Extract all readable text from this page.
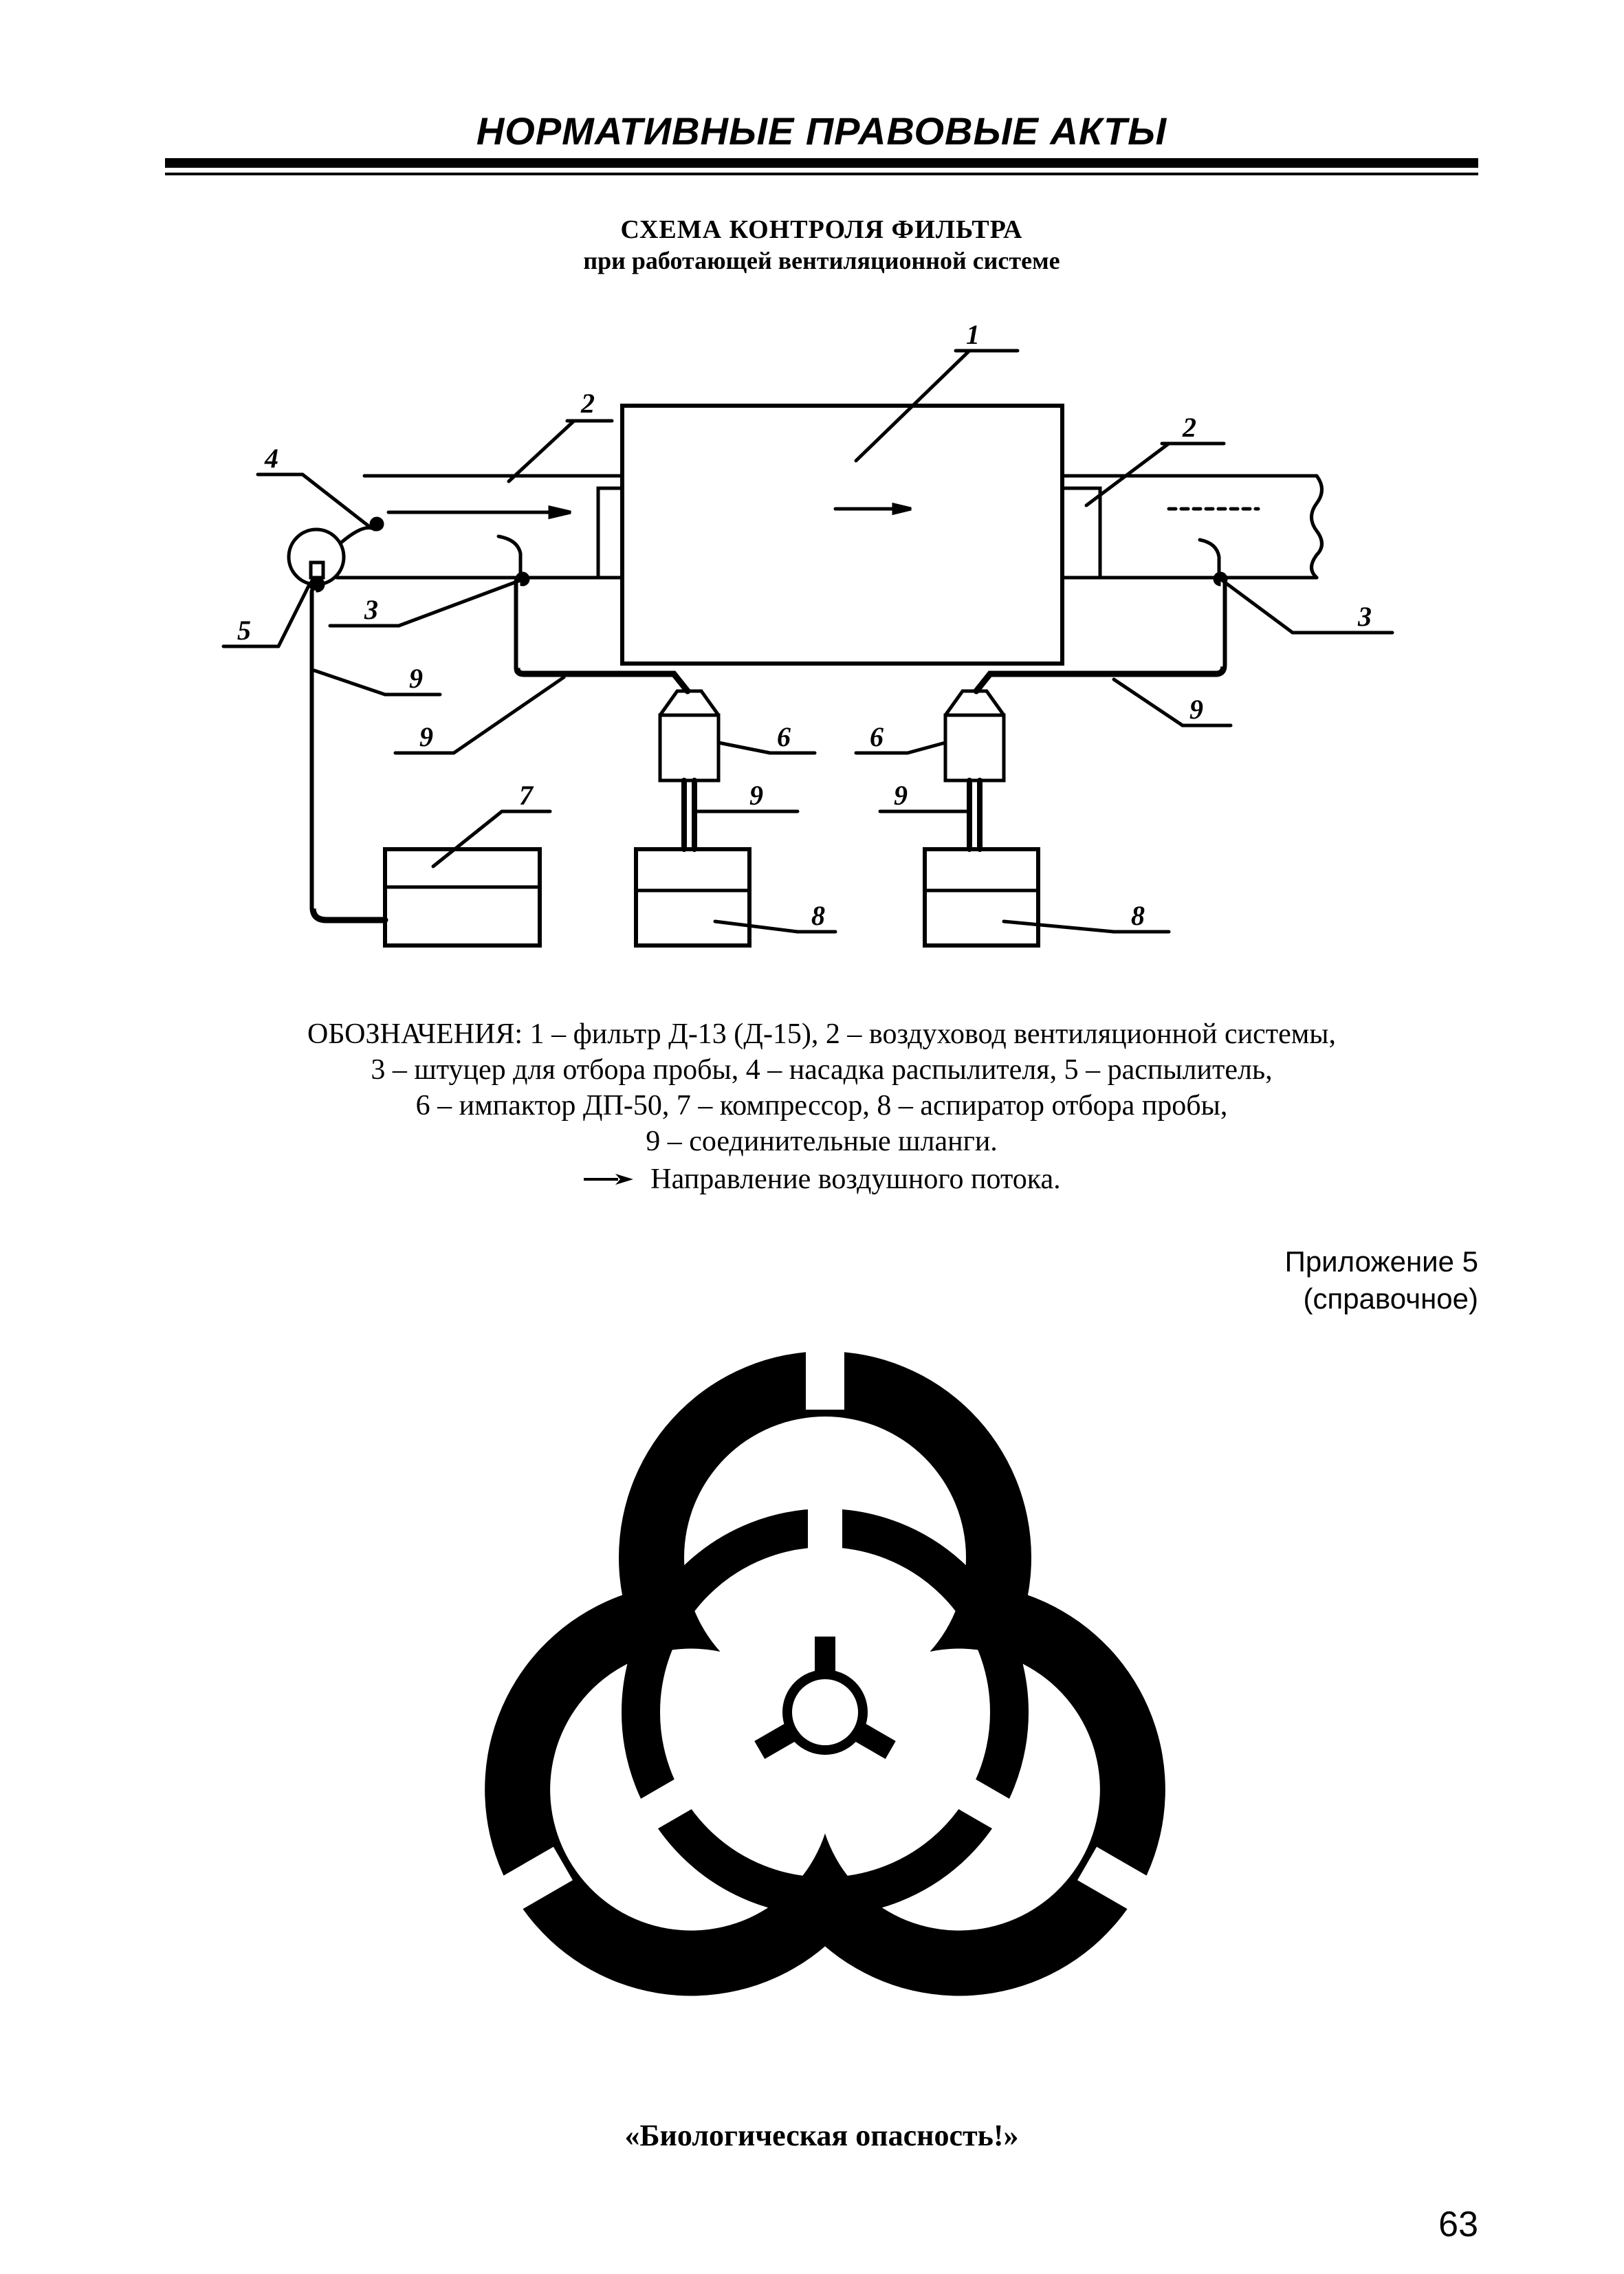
НОРМАТИВНЫЕ ПРАВОВЫЕ АКТЫ
СХЕМА КОНТРОЛЯ ФИЛЬТРА
при работающей вентиляционной системе
1
2
2
4
3	3
5
9
9
9
6	6
9	9
7
8	8
ОБОЗНАЧЕНИЯ: 1 – фильтр Д-13 (Д-15), 2 – воздуховод вентиляционной системы,
3 – штуцер для отбора пробы, 4 – насадка распылителя, 5 – распылитель,
6 – импактор ДП-50, 7 – компрессор, 8 – аспиратор отбора пробы,
9 – соединительные шланги.
Направление воздушного потока.
Приложение 5
(справочное)
«Биологическая опасность!»
63
